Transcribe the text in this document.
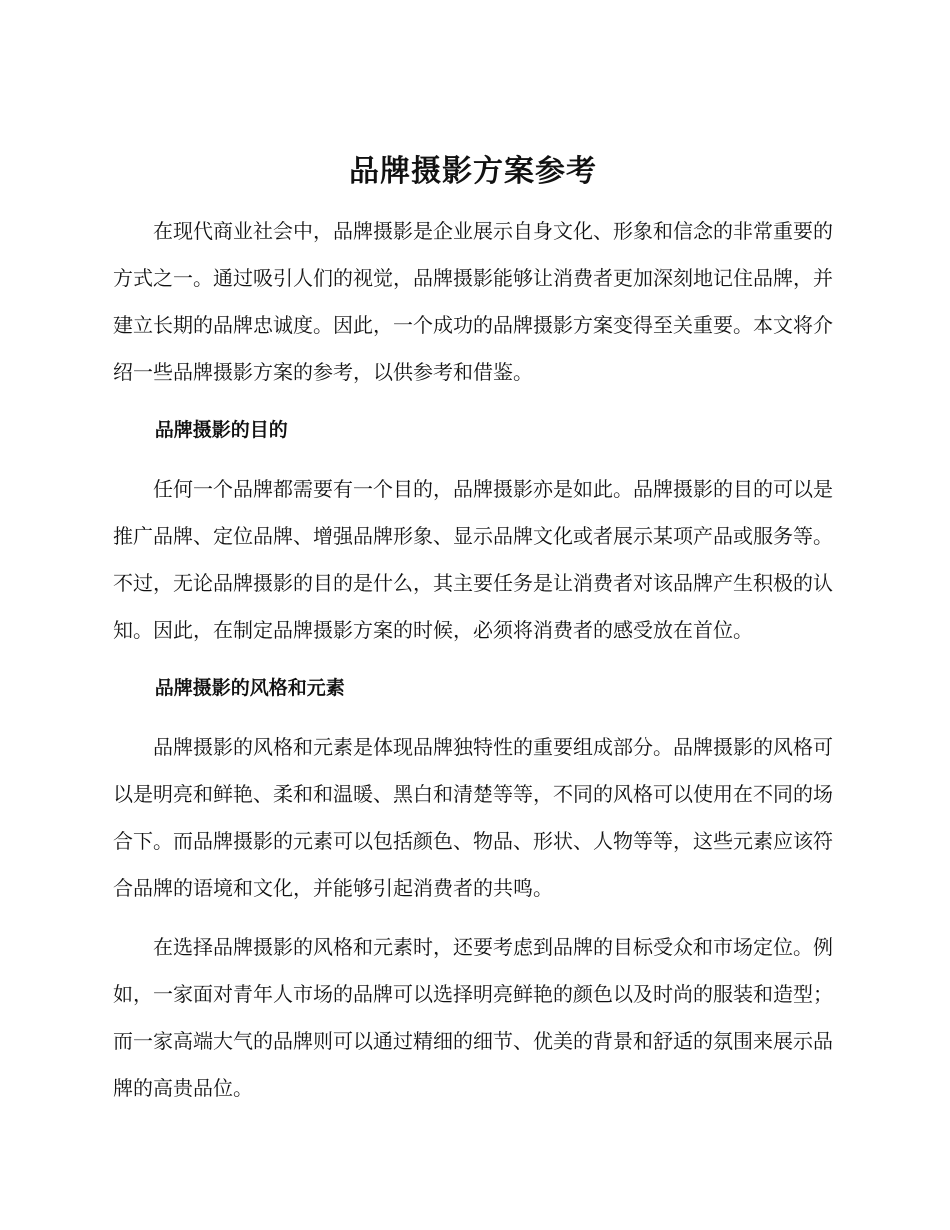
品牌摄影方案参考

在现代商业社会中，品牌摄影是企业展示自身文化、形象和信念的非常重要的方式之一。通过吸引人们的视觉，品牌摄影能够让消费者更加深刻地记住品牌，并建立长期的品牌忠诚度。因此，一个成功的品牌摄影方案变得至关重要。本文将介绍一些品牌摄影方案的参考，以供参考和借鉴。

品牌摄影的目的

任何一个品牌都需要有一个目的，品牌摄影亦是如此。品牌摄影的目的可以是推广品牌、定位品牌、增强品牌形象、显示品牌文化或者展示某项产品或服务等。不过，无论品牌摄影的目的是什么，其主要任务是让消费者对该品牌产生积极的认知。因此，在制定品牌摄影方案的时候，必须将消费者的感受放在首位。

品牌摄影的风格和元素

品牌摄影的风格和元素是体现品牌独特性的重要组成部分。品牌摄影的风格可以是明亮和鲜艳、柔和和温暖、黑白和清楚等等，不同的风格可以使用在不同的场合下。而品牌摄影的元素可以包括颜色、物品、形状、人物等等，这些元素应该符合品牌的语境和文化，并能够引起消费者的共鸣。

在选择品牌摄影的风格和元素时，还要考虑到品牌的目标受众和市场定位。例如，一家面对青年人市场的品牌可以选择明亮鲜艳的颜色以及时尚的服装和造型；而一家高端大气的品牌则可以通过精细的细节、优美的背景和舒适的氛围来展示品牌的高贵品位。
